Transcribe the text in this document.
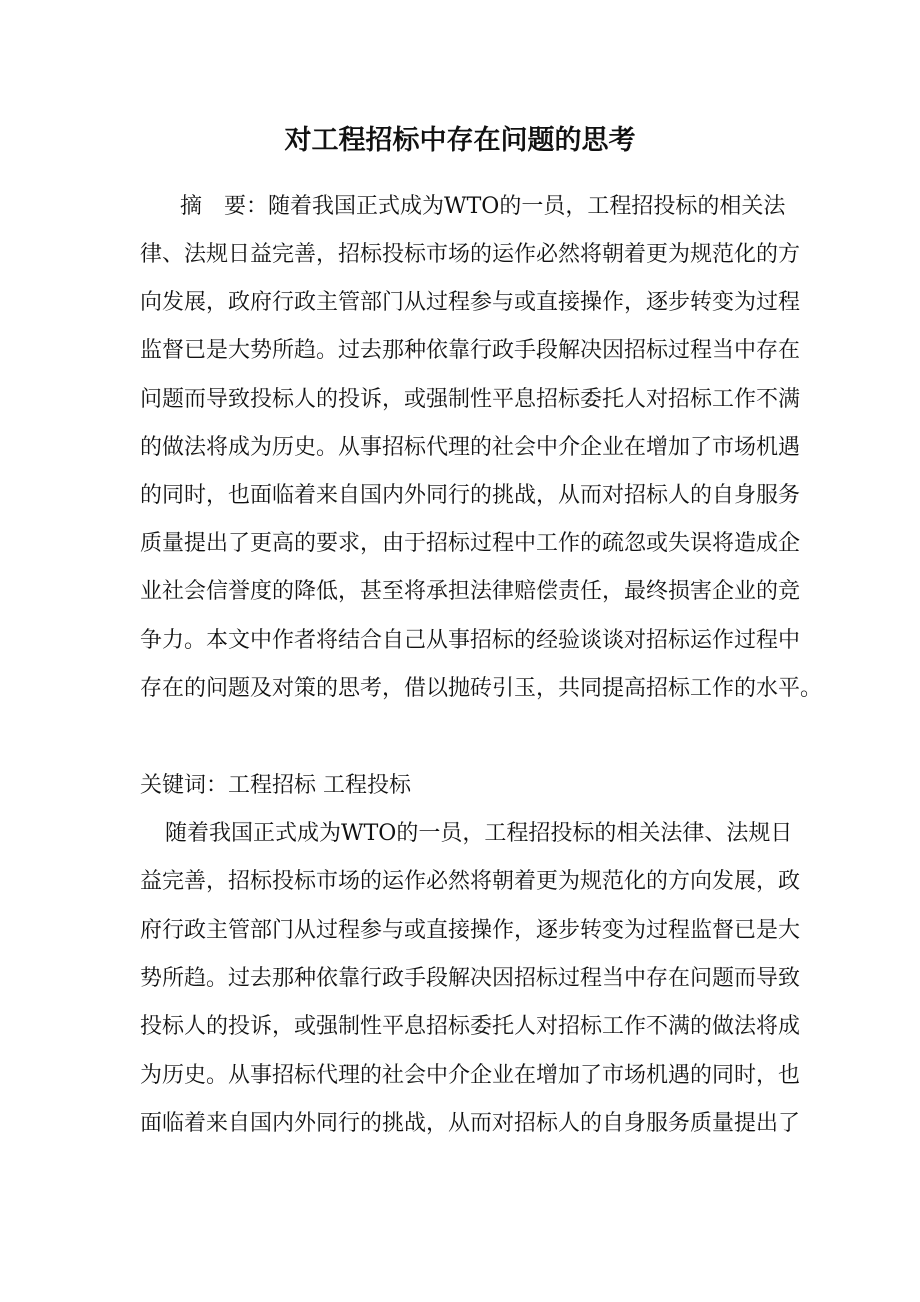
对工程招标中存在问题的思考
摘　要：随着我国正式成为WTO的一员，工程招投标的相关法
律、法规日益完善，招标投标市场的运作必然将朝着更为规范化的方
向发展，政府行政主管部门从过程参与或直接操作，逐步转变为过程
监督已是大势所趋。过去那种依靠行政手段解决因招标过程当中存在
问题而导致投标人的投诉，或强制性平息招标委托人对招标工作不满
的做法将成为历史。从事招标代理的社会中介企业在增加了市场机遇
的同时，也面临着来自国内外同行的挑战，从而对招标人的自身服务
质量提出了更高的要求，由于招标过程中工作的疏忽或失误将造成企
业社会信誉度的降低，甚至将承担法律赔偿责任，最终损害企业的竞
争力。本文中作者将结合自己从事招标的经验谈谈对招标运作过程中
存在的问题及对策的思考，借以抛砖引玉，共同提高招标工作的水平。
关键词：工程招标 工程投标
随着我国正式成为WTO的一员，工程招投标的相关法律、法规日
益完善，招标投标市场的运作必然将朝着更为规范化的方向发展，政
府行政主管部门从过程参与或直接操作，逐步转变为过程监督已是大
势所趋。过去那种依靠行政手段解决因招标过程当中存在问题而导致
投标人的投诉，或强制性平息招标委托人对招标工作不满的做法将成
为历史。从事招标代理的社会中介企业在增加了市场机遇的同时，也
面临着来自国内外同行的挑战，从而对招标人的自身服务质量提出了
